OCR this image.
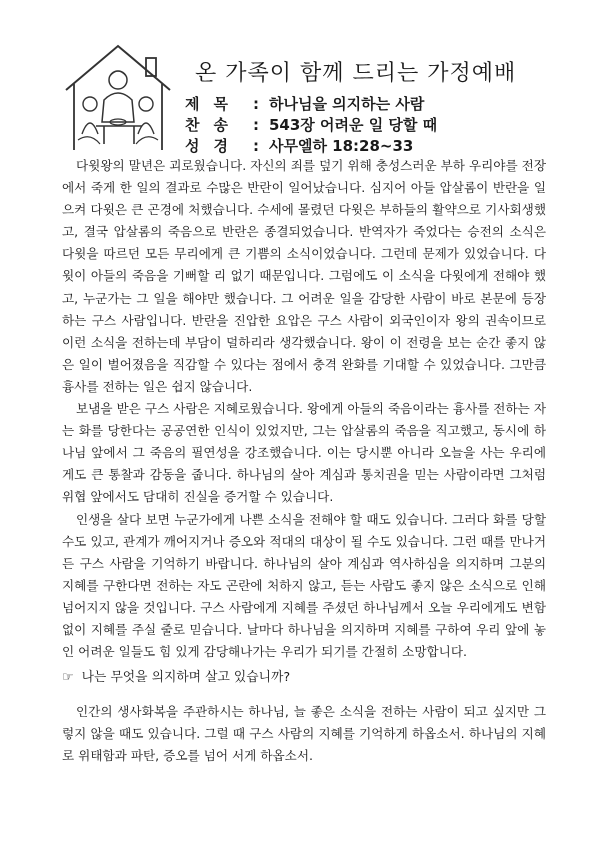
온 가족이 함께 드리는 가정예배
제목 : 하나님을 의지하는 사람
찬송 : 543장 어려운 일 당할 때
성경 : 사무엘하 18:28~33

다윗왕의 말년은 괴로웠습니다. 자신의 죄를 덮기 위해 충성스러운 부하 우리야를 전장에서 죽게 한 일의 결과로 수많은 반란이 일어났습니다. 심지어 아들 압살롬이 반란을 일으켜 다윗은 큰 곤경에 처했습니다. 수세에 몰렸던 다윗은 부하들의 활약으로 기사회생했고, 결국 압살롬의 죽음으로 반란은 종결되었습니다. 반역자가 죽었다는 승전의 소식은 다윗을 따르던 모든 무리에게 큰 기쁨의 소식이었습니다. 그런데 문제가 있었습니다. 다윗이 아들의 죽음을 기뻐할 리 없기 때문입니다. 그럼에도 이 소식을 다윗에게 전해야 했고, 누군가는 그 일을 해야만 했습니다. 그 어려운 일을 감당한 사람이 바로 본문에 등장하는 구스 사람입니다. 반란을 진압한 요압은 구스 사람이 외국인이자 왕의 권속이므로 이런 소식을 전하는데 부담이 덜하리라 생각했습니다. 왕이 이 전령을 보는 순간 좋지 않은 일이 벌어졌음을 직감할 수 있다는 점에서 충격 완화를 기대할 수 있었습니다. 그만큼 흉사를 전하는 일은 쉽지 않습니다.

보냄을 받은 구스 사람은 지혜로웠습니다. 왕에게 아들의 죽음이라는 흉사를 전하는 자는 화를 당한다는 공공연한 인식이 있었지만, 그는 압살롬의 죽음을 직고했고, 동시에 하나님 앞에서 그 죽음의 필연성을 강조했습니다. 이는 당시뿐 아니라 오늘을 사는 우리에게도 큰 통찰과 감동을 줍니다. 하나님의 살아 계심과 통치권을 믿는 사람이라면 그처럼 위협 앞에서도 담대히 진실을 증거할 수 있습니다.

인생을 살다 보면 누군가에게 나쁜 소식을 전해야 할 때도 있습니다. 그러다 화를 당할 수도 있고, 관계가 깨어지거나 증오와 적대의 대상이 될 수도 있습니다. 그런 때를 만나거든 구스 사람을 기억하기 바랍니다. 하나님의 살아 계심과 역사하심을 의지하며 그분의 지혜를 구한다면 전하는 자도 곤란에 처하지 않고, 듣는 사람도 좋지 않은 소식으로 인해 넘어지지 않을 것입니다. 구스 사람에게 지혜를 주셨던 하나님께서 오늘 우리에게도 변함없이 지혜를 주실 줄로 믿습니다. 날마다 하나님을 의지하며 지혜를 구하여 우리 앞에 놓인 어려운 일들도 힘 있게 감당해나가는 우리가 되기를 간절히 소망합니다.

☞ 나는 무엇을 의지하며 살고 있습니까?

인간의 생사화복을 주관하시는 하나님, 늘 좋은 소식을 전하는 사람이 되고 싶지만 그렇지 않을 때도 있습니다. 그럴 때 구스 사람의 지혜를 기억하게 하옵소서. 하나님의 지혜로 위태함과 파탄, 증오를 넘어 서게 하옵소서.
